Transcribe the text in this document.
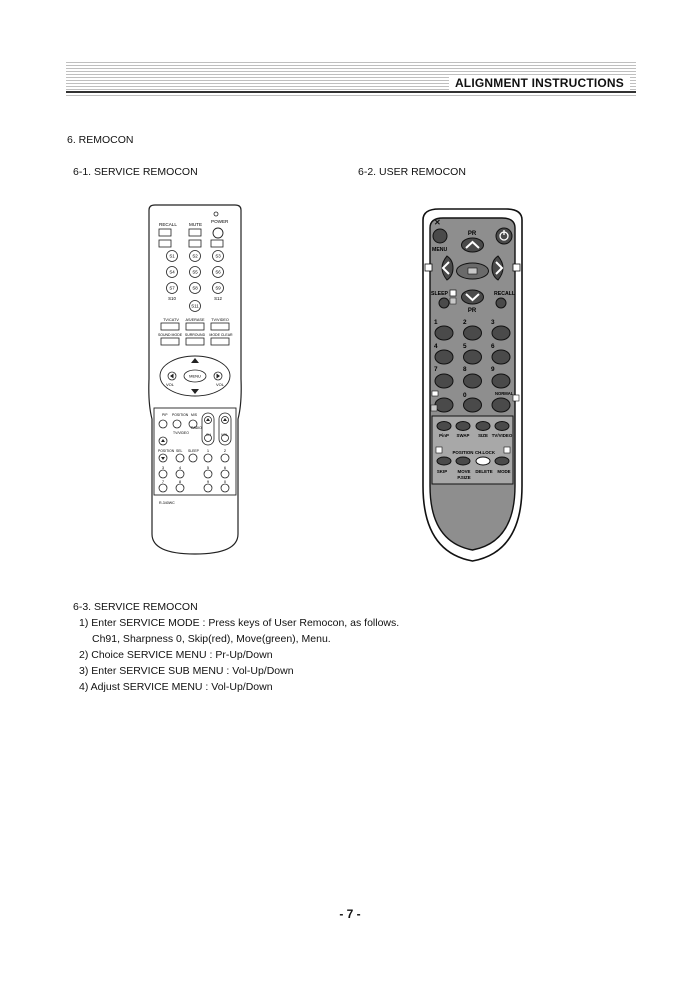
ALIGNMENT INSTRUCTIONS
6. REMOCON
6-1. SERVICE REMOCON	6-2. USER REMOCON
RECALL	MUTE
POWER
S1	S2	S3
S4	S5	S6
S7	S8	S9
S10
S11
S12
TV/CATV AS/ERASE TV/VIDEO
SOUND MODE SURROUND MODE CLEAR
MENU
VOL	VOL
PIP POSITION M/S
TV/VIDEO
RADIO
CH	VOL
POSITION SEL SLEEP 1	2
3	4	5	6
7	8	9	0
R-340WC
✕
PR
MENU
PR
SLEEP	RECALL
1	2	3
4	5	6
7	8	9
0	NORMAL
PinP SWAP SIZE TV/VIDEO
POSITION CH.LOCK
SKIP MOVE DELETE MODE
P.SIZE
6-3. SERVICE REMOCON
1) Enter SERVICE MODE : Press keys of User Remocon, as follows.
Ch91, Sharpness 0, Skip(red), Move(green), Menu.
2) Choice SERVICE MENU : Pr-Up/Down
3) Enter SERVICE SUB MENU : Vol-Up/Down
4) Adjust SERVICE MENU : Vol-Up/Down
- 7 -
